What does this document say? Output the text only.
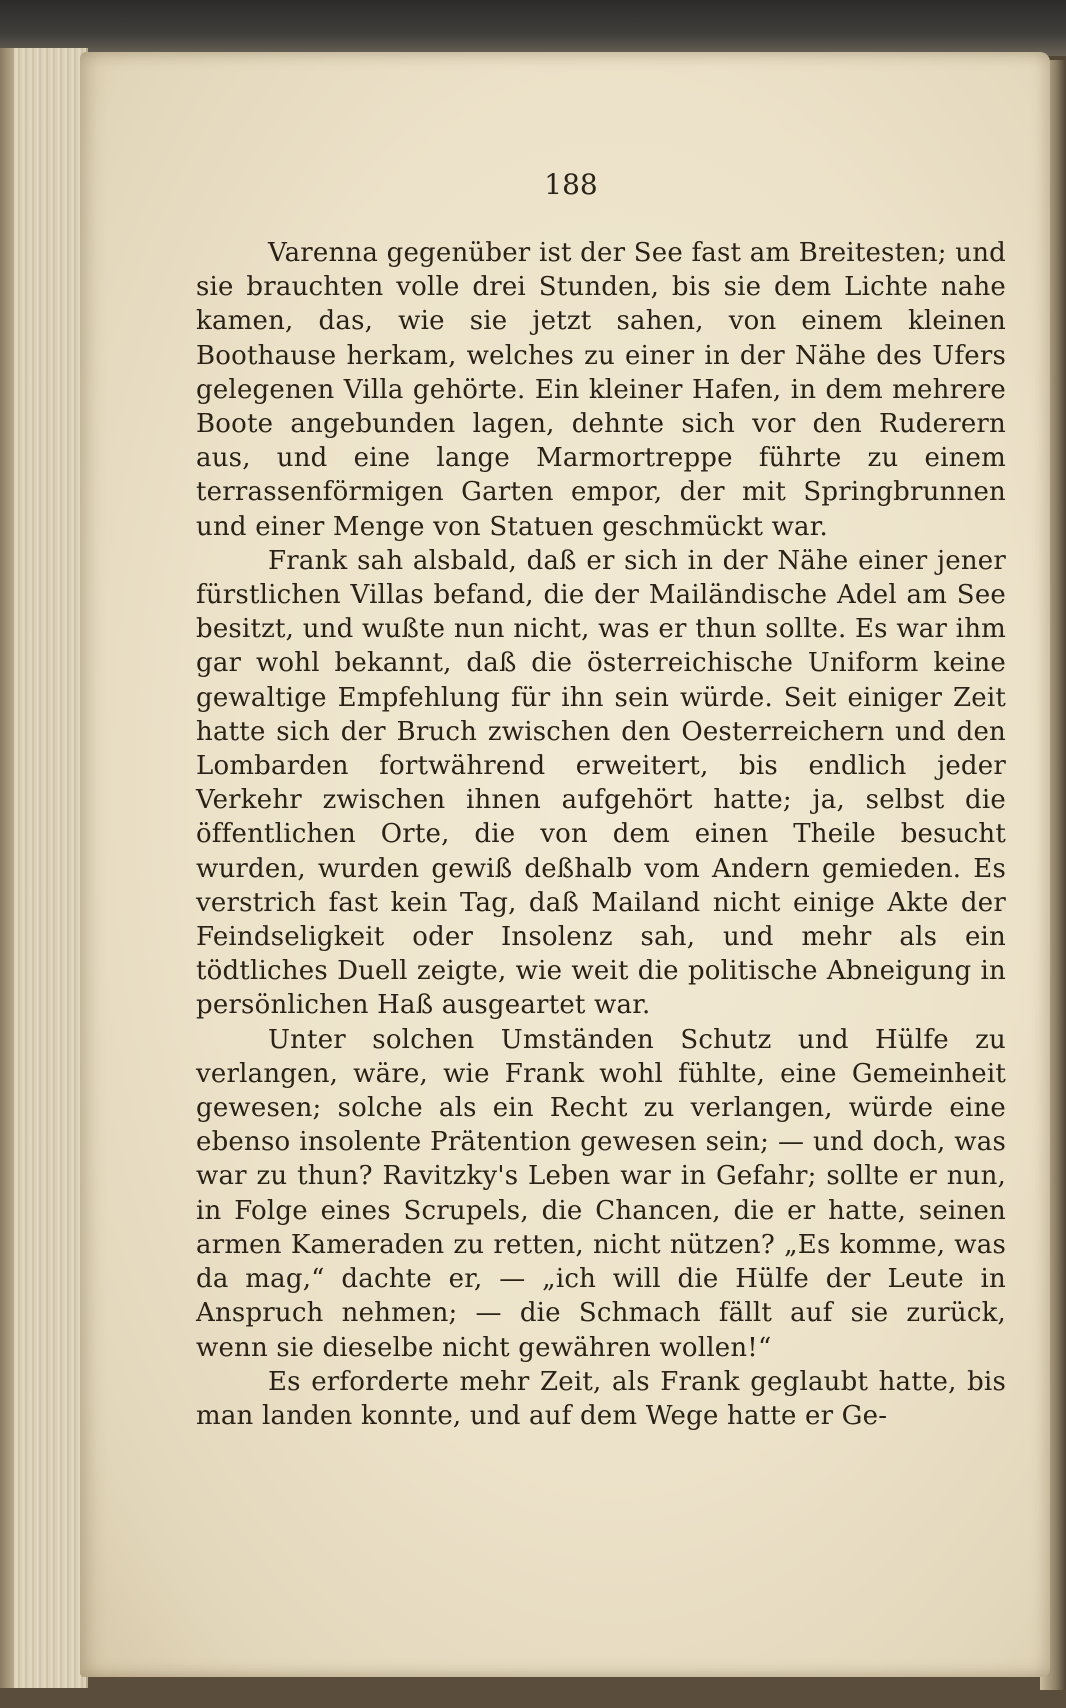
188

Varenna gegenüber ist der See fast am Breitesten; und sie brauchten volle drei Stunden, bis sie dem Lichte nahe kamen, das, wie sie jetzt sahen, von einem kleinen Boothause herkam, welches zu einer in der Nähe des Ufers gelegenen Villa gehörte. Ein kleiner Hafen, in dem mehrere Boote angebunden lagen, dehnte sich vor den Ruderern aus, und eine lange Marmortreppe führte zu einem terrassenförmigen Garten empor, der mit Springbrunnen und einer Menge von Statuen geschmückt war.

Frank sah alsbald, daß er sich in der Nähe einer jener fürstlichen Villas befand, die der Mailändische Adel am See besitzt, und wußte nun nicht, was er thun sollte. Es war ihm gar wohl bekannt, daß die österreichische Uniform keine gewaltige Empfehlung für ihn sein würde. Seit einiger Zeit hatte sich der Bruch zwischen den Oesterreichern und den Lombarden fortwährend erweitert, bis endlich jeder Verkehr zwischen ihnen aufgehört hatte; ja, selbst die öffentlichen Orte, die von dem einen Theile besucht wurden, wurden gewiß deßhalb vom Andern gemieden. Es verstrich fast kein Tag, daß Mailand nicht einige Akte der Feindseligkeit oder Insolenz sah, und mehr als ein tödtliches Duell zeigte, wie weit die politische Abneigung in persönlichen Haß ausgeartet war.

Unter solchen Umständen Schutz und Hülfe zu verlangen, wäre, wie Frank wohl fühlte, eine Gemeinheit gewesen; solche als ein Recht zu verlangen, würde eine ebenso insolente Prätention gewesen sein; — und doch, was war zu thun? Ravitzky's Leben war in Gefahr; sollte er nun, in Folge eines Scrupels, die Chancen, die er hatte, seinen armen Kameraden zu retten, nicht nützen? „Es komme, was da mag,“ dachte er, — „ich will die Hülfe der Leute in Anspruch nehmen; — die Schmach fällt auf sie zurück, wenn sie dieselbe nicht gewähren wollen!“

Es erforderte mehr Zeit, als Frank geglaubt hatte, bis man landen konnte, und auf dem Wege hatte er Ge-
